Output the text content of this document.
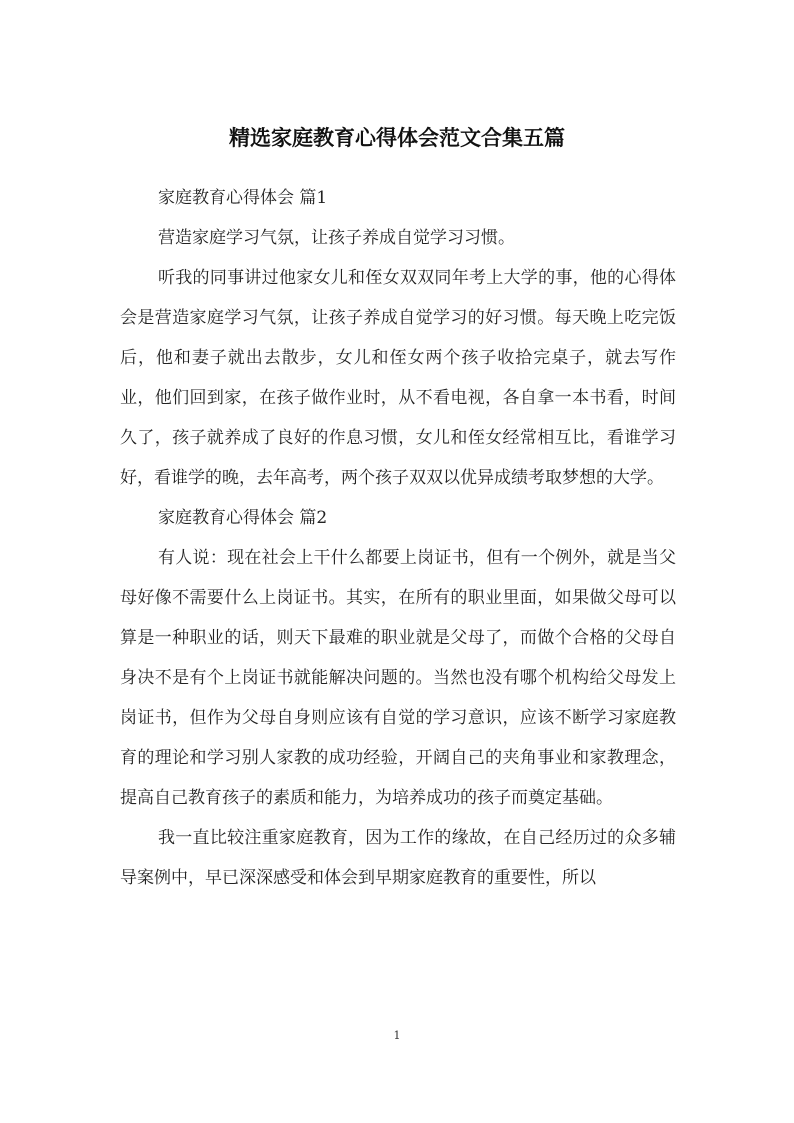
精选家庭教育心得体会范文合集五篇

家庭教育心得体会 篇1

营造家庭学习气氛，让孩子养成自觉学习习惯。

听我的同事讲过他家女儿和侄女双双同年考上大学的事，他的心得体会是营造家庭学习气氛，让孩子养成自觉学习的好习惯。每天晚上吃完饭后，他和妻子就出去散步，女儿和侄女两个孩子收拾完桌子，就去写作业，他们回到家，在孩子做作业时，从不看电视，各自拿一本书看，时间久了，孩子就养成了良好的作息习惯，女儿和侄女经常相互比，看谁学习好，看谁学的晚，去年高考，两个孩子双双以优异成绩考取梦想的大学。

家庭教育心得体会 篇2

有人说：现在社会上干什么都要上岗证书，但有一个例外，就是当父母好像不需要什么上岗证书。其实，在所有的职业里面，如果做父母可以算是一种职业的话，则天下最难的职业就是父母了，而做个合格的父母自身决不是有个上岗证书就能解决问题的。当然也没有哪个机构给父母发上岗证书，但作为父母自身则应该有自觉的学习意识，应该不断学习家庭教育的理论和学习别人家教的成功经验，开阔自己的夹角事业和家教理念，提高自己教育孩子的素质和能力，为培养成功的孩子而奠定基础。

我一直比较注重家庭教育，因为工作的缘故，在自己经历过的众多辅导案例中，早已深深感受和体会到早期家庭教育的重要性，所以

1
